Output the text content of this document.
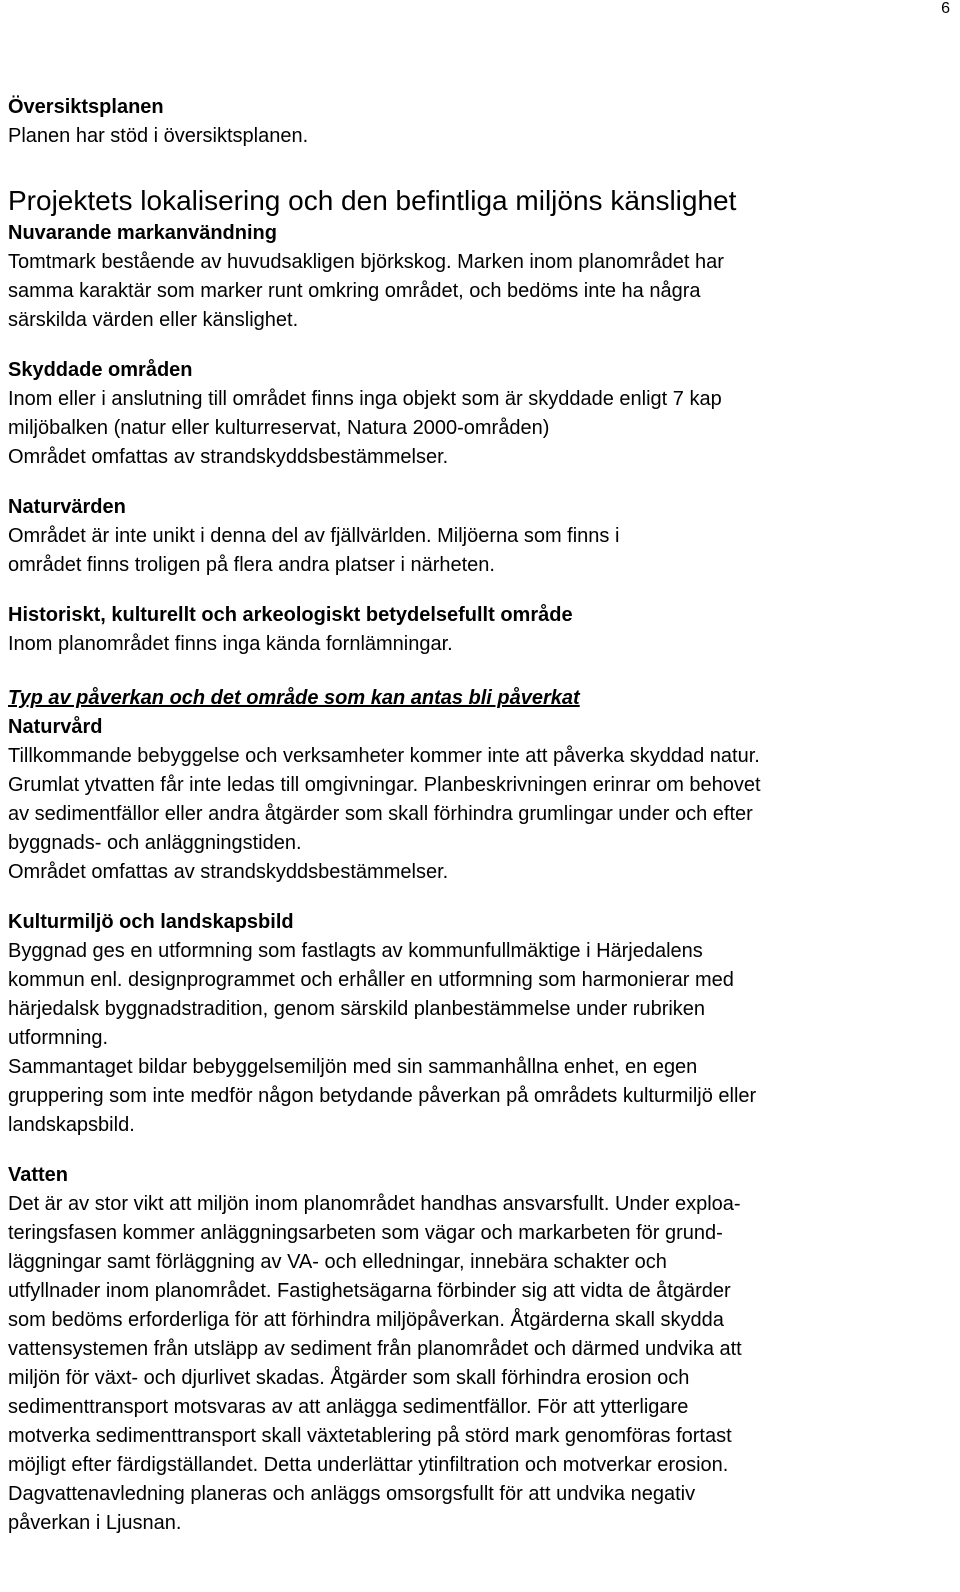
6
Översiktsplanen
Planen har stöd i översiktsplanen.
Projektets lokalisering och den befintliga miljöns känslighet
Nuvarande markanvändning
Tomtmark bestående av huvudsakligen björkskog. Marken inom planområdet har
samma karaktär som marker runt omkring området, och bedöms inte ha några
särskilda värden eller känslighet.
Skyddade områden
Inom eller i anslutning till området finns inga objekt som är skyddade enligt 7 kap
miljöbalken (natur eller kulturreservat, Natura 2000-områden)
Området omfattas av strandskyddsbestämmelser.
Naturvärden
Området är inte unikt i denna del av fjällvärlden. Miljöerna som finns i
området finns troligen på flera andra platser i närheten.
Historiskt, kulturellt och arkeologiskt betydelsefullt område
Inom planområdet finns inga kända fornlämningar.
Typ av påverkan och det område som kan antas bli påverkat
Naturvård
Tillkommande bebyggelse och verksamheter kommer inte att påverka skyddad natur.
Grumlat ytvatten får inte ledas till omgivningar. Planbeskrivningen erinrar om behovet
av sedimentfällor eller andra åtgärder som skall förhindra grumlingar under och efter
byggnads- och anläggningstiden.
Området omfattas av strandskyddsbestämmelser.
Kulturmiljö och landskapsbild
Byggnad ges en utformning som fastlagts av kommunfullmäktige i Härjedalens
kommun enl. designprogrammet och erhåller en utformning som harmonierar med
härjedalsk byggnadstradition, genom särskild planbestämmelse under rubriken
utformning.
Sammantaget bildar bebyggelsemiljön med sin sammanhållna enhet, en egen
gruppering som inte medför någon betydande påverkan på områdets kulturmiljö eller
landskapsbild.
Vatten
Det är av stor vikt att miljön inom planområdet handhas ansvarsfullt. Under exploa-
teringsfasen kommer anläggningsarbeten som vägar och markarbeten för grund-
läggningar samt förläggning av VA- och elledningar, innebära schakter och
utfyllnader inom planområdet. Fastighetsägarna förbinder sig att vidta de åtgärder
som bedöms erforderliga för att förhindra miljöpåverkan. Åtgärderna skall skydda
vattensystemen från utsläpp av sediment från planområdet och därmed undvika att
miljön för växt- och djurlivet skadas. Åtgärder som skall förhindra erosion och
sedimenttransport motsvaras av att anlägga sedimentfällor. För att ytterligare
motverka sedimenttransport skall växtetablering på störd mark genomföras fortast
möjligt efter färdigställandet. Detta underlättar ytinfiltration och motverkar erosion.
Dagvattenavledning planeras och anläggs omsorgsfullt för att undvika negativ
påverkan i Ljusnan.
